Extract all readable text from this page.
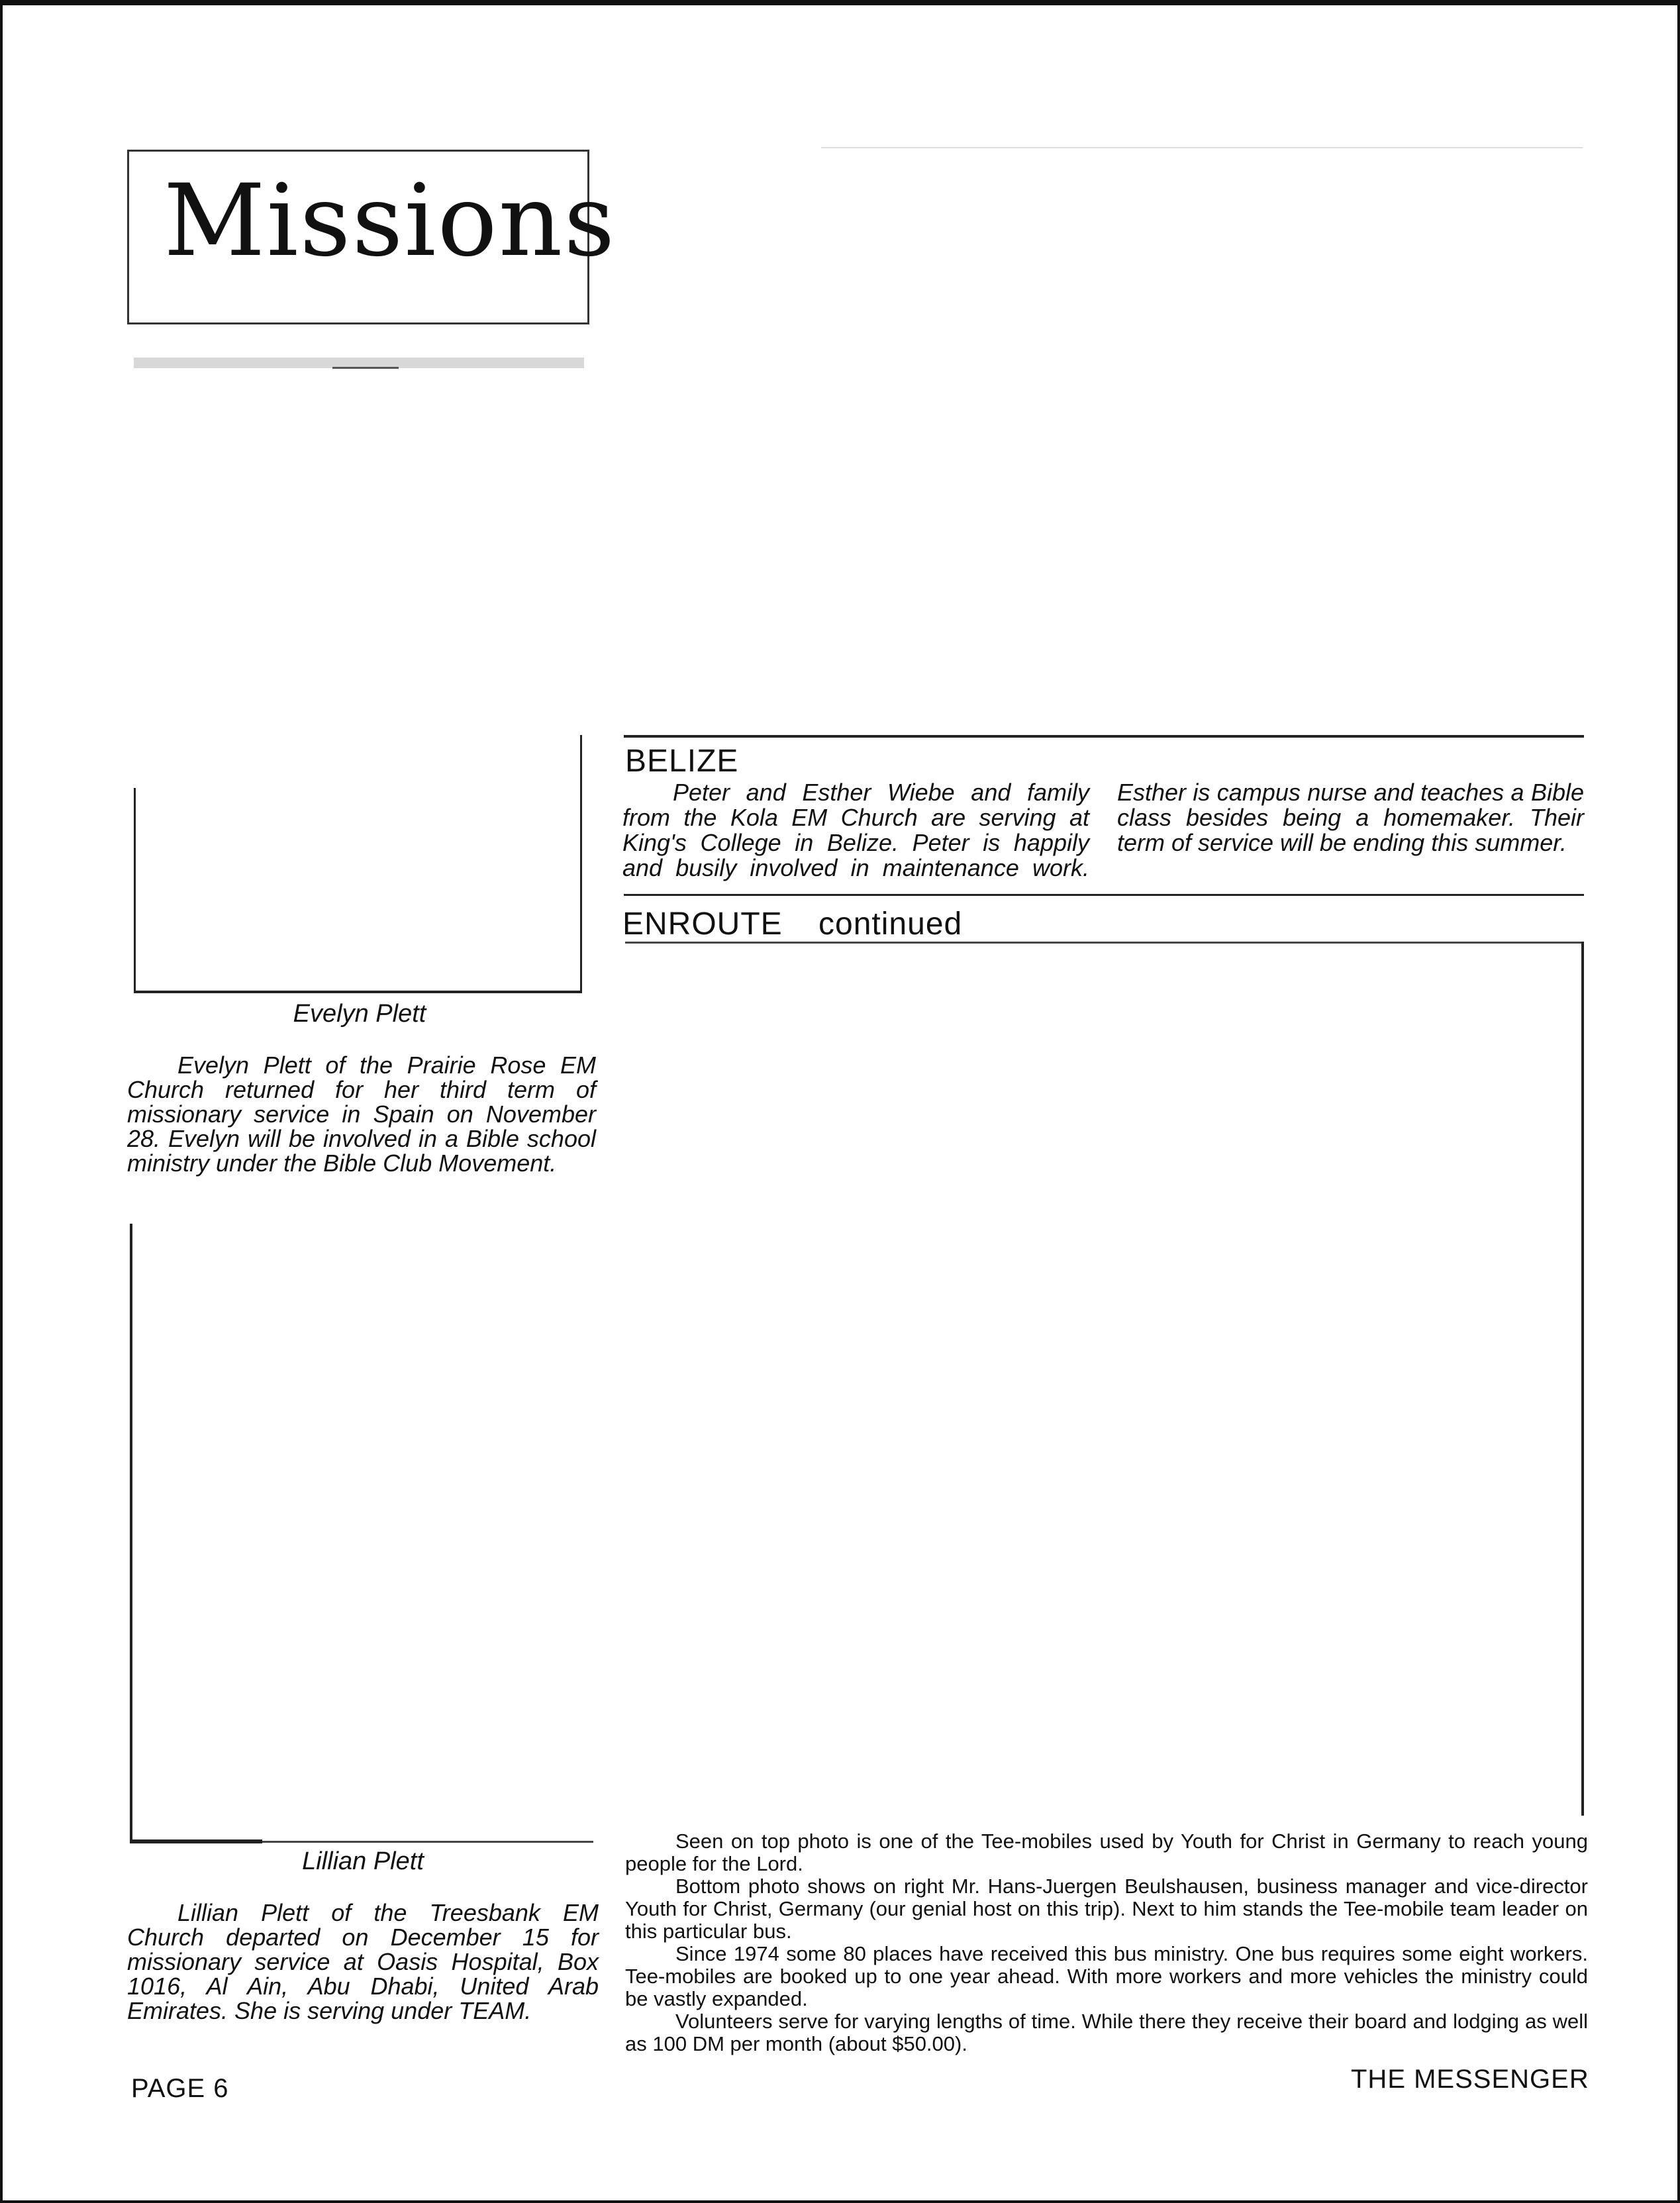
Missions
Evelyn Plett

Evelyn Plett of the Prairie Rose EM Church returned for her third term of missionary service in Spain on November 28. Evelyn will be involved in a Bible school ministry under the Bible Club Movement.

Lillian Plett

Lillian Plett of the Treesbank EM Church departed on December 15 for missionary service at Oasis Hospital, Box 1016, Al Ain, Abu Dhabi, United Arab Emirates. She is serving under TEAM.

BELIZE

Peter and Esther Wiebe and family from the Kola EM Church are serving at King's College in Belize. Peter is happily and busily involved in maintenance work. Esther is campus nurse and teaches a Bible class besides being a homemaker. Their term of service will be ending this summer.

ENROUTE continued

Seen on top photo is one of the Tee-mobiles used by Youth for Christ in Germany to reach young people for the Lord.

Bottom photo shows on right Mr. Hans-Juergen Beulshausen, business manager and vice-director Youth for Christ, Germany (our genial host on this trip). Next to him stands the Tee-mobile team leader on this particular bus.

Since 1974 some 80 places have received this bus ministry. One bus requires some eight workers. Tee-mobiles are booked up to one year ahead. With more workers and more vehicles the ministry could be vastly expanded.

Volunteers serve for varying lengths of time. While there they receive their board and lodging as well as 100 DM per month (about $50.00).

PAGE 6	THE MESSENGER
